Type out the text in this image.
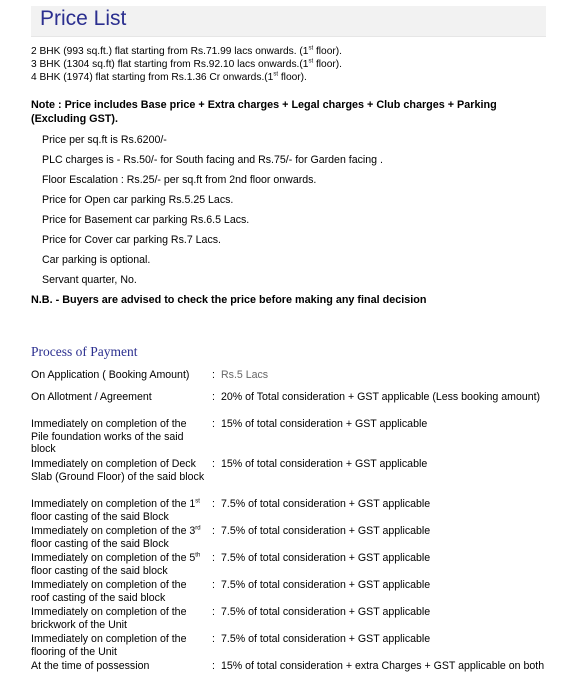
Price List
2 BHK (993 sq.ft.) flat starting from Rs.71.99 lacs onwards. (1st floor).
3 BHK (1304 sq.ft) flat starting from Rs.92.10 lacs onwards.(1st floor).
4 BHK (1974) flat starting from Rs.1.36 Cr onwards.(1st floor).
Note : Price includes Base price + Extra charges + Legal charges + Club charges + Parking (Excluding GST).
Price per sq.ft is Rs.6200/-
PLC charges is - Rs.50/- for South facing and Rs.75/- for Garden facing .
Floor Escalation : Rs.25/- per sq.ft from 2nd floor onwards.
Price for Open car parking Rs.5.25 Lacs.
Price for Basement car parking Rs.6.5 Lacs.
Price for Cover car parking Rs.7 Lacs.
Car parking is optional.
Servant quarter, No.
N.B. - Buyers are advised to check the price before making any final decision
Process of Payment
On Application ( Booking Amount)	: Rs.5 Lacs
On Allotment / Agreement	: 20% of Total consideration + GST applicable (Less booking amount)
Immediately on completion of the Pile foundation works of the said block
: 15% of total consideration + GST applicable
Immediately on completion of Deck Slab (Ground Floor) of the said block
: 15% of total consideration + GST applicable
Immediately on completion of the 1st floor casting of the said Block
: 7.5% of total consideration + GST applicable
Immediately on completion of the 3rd floor casting of the said Block
: 7.5% of total consideration + GST applicable
Immediately on completion of the 5th floor casting of the said block
: 7.5% of total consideration + GST applicable
Immediately on completion of the roof casting of the said block
: 7.5% of total consideration + GST applicable
Immediately on completion of the brickwork of the Unit
: 7.5% of total consideration + GST applicable
Immediately on completion of the flooring of the Unit
: 7.5% of total consideration + GST applicable
At the time of possession	: 15% of total consideration + extra Charges + GST applicable on both
